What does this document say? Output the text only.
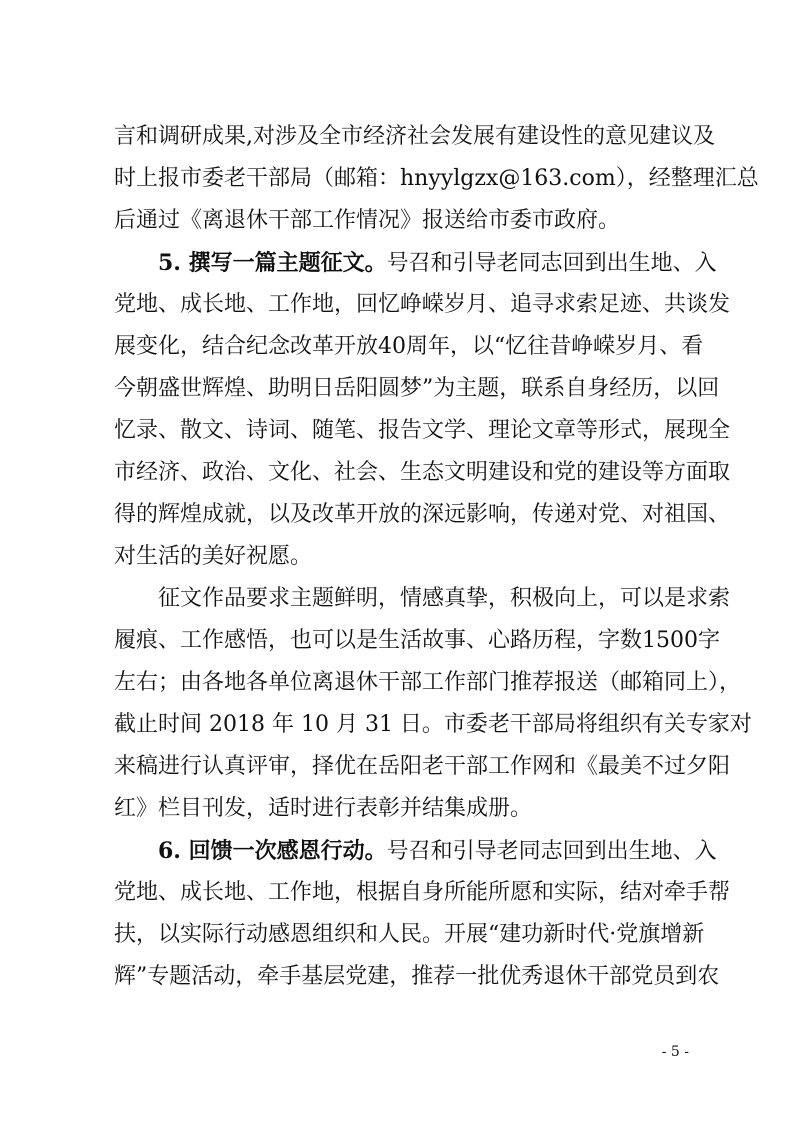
言和调研成果,对涉及全市经济社会发展有建设性的意见建议及
时上报市委老干部局（邮箱：hnyylgzx@163.com），经整理汇总
后通过《离退休干部工作情况》报送给市委市政府。
5. 撰写一篇主题征文。号召和引导老同志回到出生地、入
党地、成长地、工作地，回忆峥嵘岁月、追寻求索足迹、共谈发
展变化，结合纪念改革开放40周年，以“忆往昔峥嵘岁月、看
今朝盛世辉煌、助明日岳阳圆梦”为主题，联系自身经历，以回
忆录、散文、诗词、随笔、报告文学、理论文章等形式，展现全
市经济、政治、文化、社会、生态文明建设和党的建设等方面取
得的辉煌成就，以及改革开放的深远影响，传递对党、对祖国、
对生活的美好祝愿。
征文作品要求主题鲜明，情感真挚，积极向上，可以是求索
履痕、工作感悟，也可以是生活故事、心路历程，字数1500字
左右；由各地各单位离退休干部工作部门推荐报送（邮箱同上），
截止时间 2018 年 10 月 31 日。市委老干部局将组织有关专家对
来稿进行认真评审，择优在岳阳老干部工作网和《最美不过夕阳
红》栏目刊发，适时进行表彰并结集成册。
6. 回馈一次感恩行动。号召和引导老同志回到出生地、入
党地、成长地、工作地，根据自身所能所愿和实际，结对牵手帮
扶，以实际行动感恩组织和人民。开展“建功新时代·党旗增新
辉”专题活动，牵手基层党建，推荐一批优秀退休干部党员到农
- 5 -
